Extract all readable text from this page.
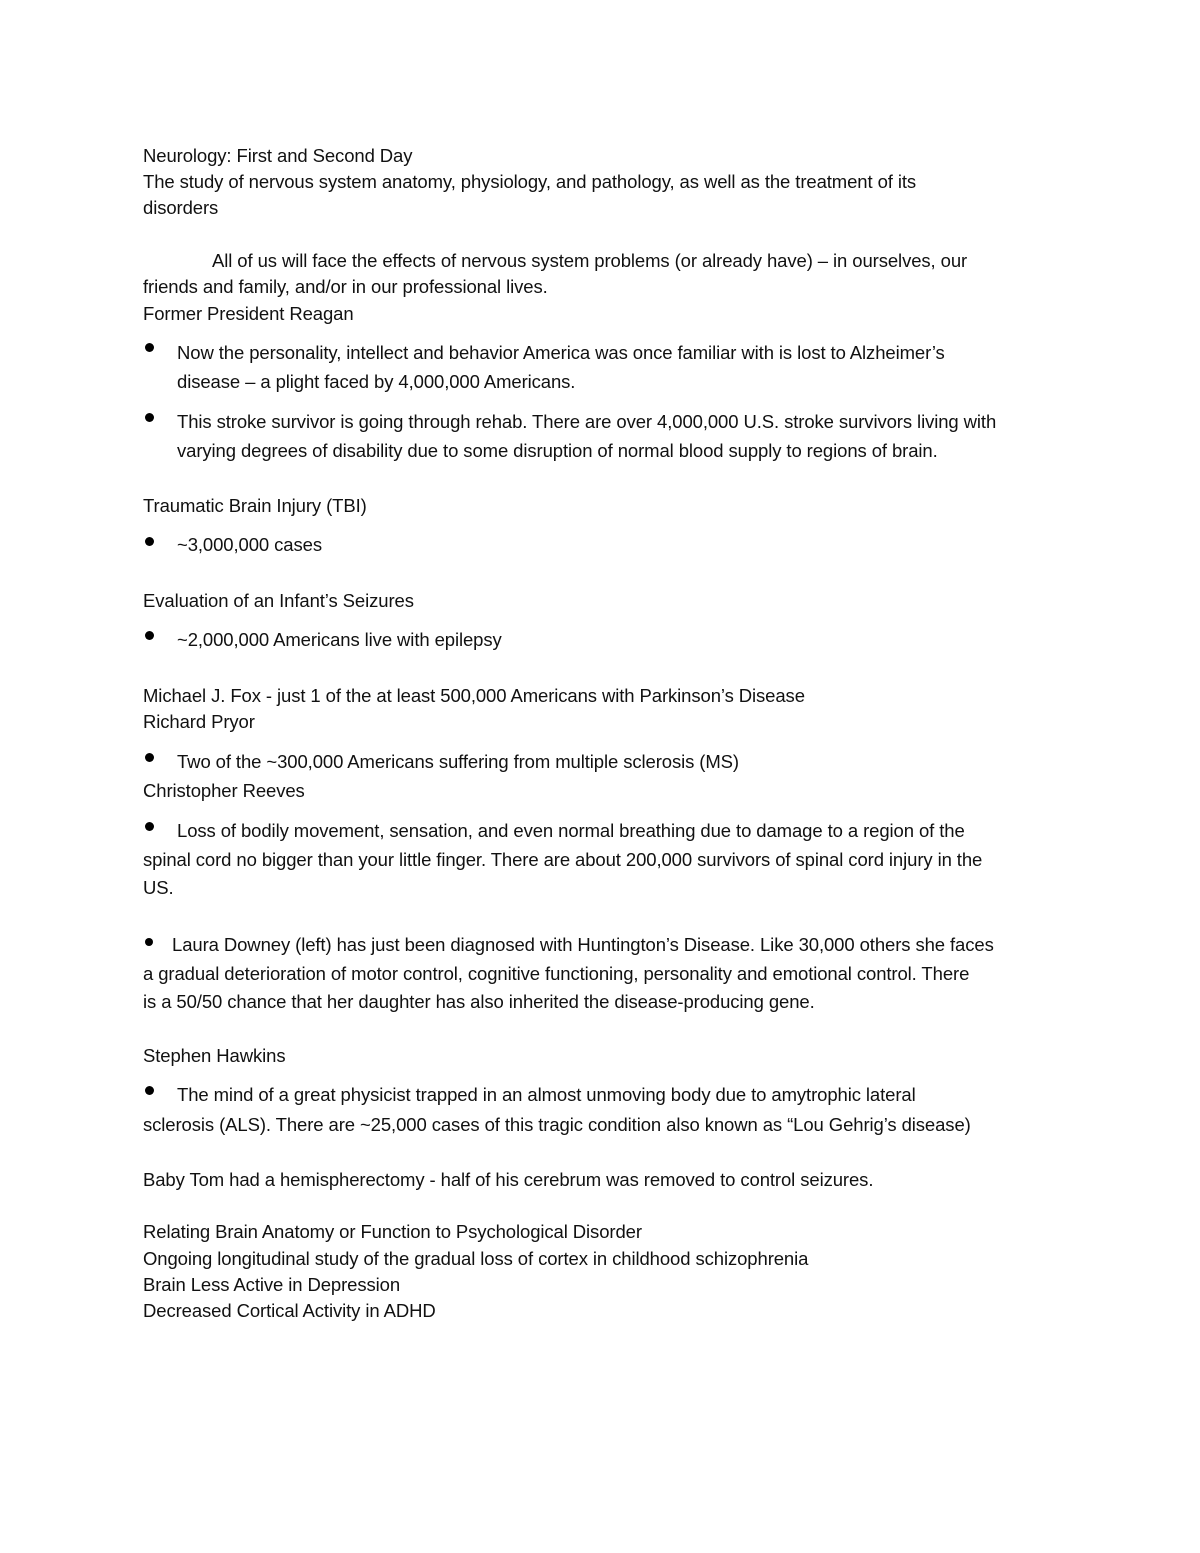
Neurology: First and Second Day
The study of nervous system anatomy, physiology, and pathology, as well as the treatment of its
disorders
All of us will face the effects of nervous system problems (or already have) – in ourselves, our
friends and family, and/or in our professional lives.
Former President Reagan
Now the personality, intellect and behavior America was once familiar with is lost to Alzheimer’s
disease – a plight faced by 4,000,000 Americans.
This stroke survivor is going through rehab. There are over 4,000,000 U.S. stroke survivors living with
varying degrees of disability due to some disruption of normal blood supply to regions of brain.
Traumatic Brain Injury (TBI)
~3,000,000 cases
Evaluation of an Infant’s Seizures
~2,000,000 Americans live with epilepsy
Michael J. Fox - just 1 of the at least 500,000 Americans with Parkinson’s Disease
Richard Pryor
Two of the ~300,000 Americans suffering from multiple sclerosis (MS)
Christopher Reeves
Loss of bodily movement, sensation, and even normal breathing due to damage to a region of the
spinal cord no bigger than your little finger. There are about 200,000 survivors of spinal cord injury in the
US.
Laura Downey (left) has just been diagnosed with Huntington’s Disease. Like 30,000 others she faces
a gradual deterioration of motor control, cognitive functioning, personality and emotional control. There
is a 50/50 chance that her daughter has also inherited the disease-producing gene.
Stephen Hawkins
The mind of a great physicist trapped in an almost unmoving body due to amytrophic lateral
sclerosis (ALS). There are ~25,000 cases of this tragic condition also known as “Lou Gehrig’s disease)
Baby Tom had a hemispherectomy - half of his cerebrum was removed to control seizures.
Relating Brain Anatomy or Function to Psychological Disorder
Ongoing longitudinal study of the gradual loss of cortex in childhood schizophrenia
Brain Less Active in Depression
Decreased Cortical Activity in ADHD
